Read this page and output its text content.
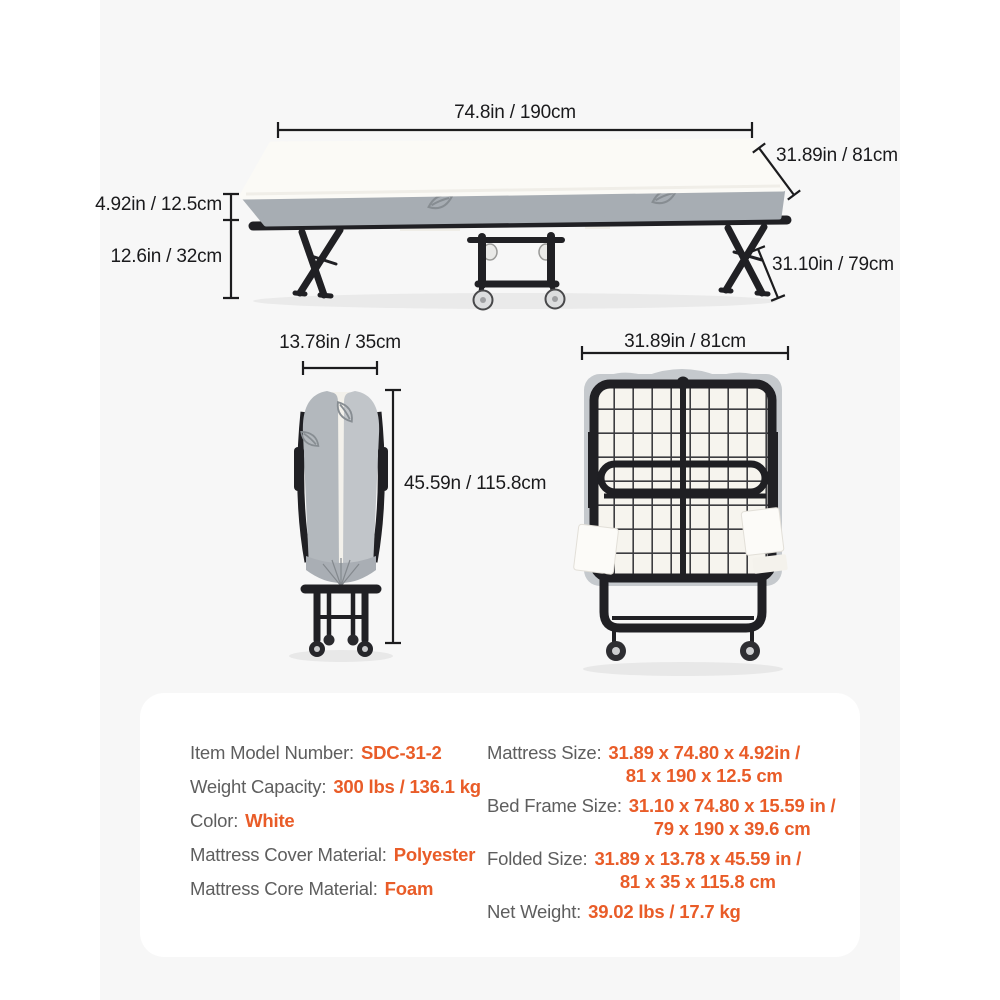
74.8in / 190cm
31.89in / 81cm
4.92in / 12.5cm
12.6in / 32cm	31.10in / 79cm
13.78in / 35cm
45.59n / 115.8cm
31.89in / 81cm
Item Model Number: SDC-31-2
Weight Capacity: 300 lbs / 136.1 kg
Color: White
Mattress Cover Material: Polyester
Mattress Core Material: Foam
Mattress Size: 31.89 x 74.80 x 4.92in /
81 x 190 x 12.5 cm
Bed Frame Size: 31.10 x 74.80 x 15.59 in /
79 x 190 x 39.6 cm
Folded Size: 31.89 x 13.78 x 45.59 in /
81 x 35 x 115.8 cm
Net Weight: 39.02 lbs / 17.7 kg
